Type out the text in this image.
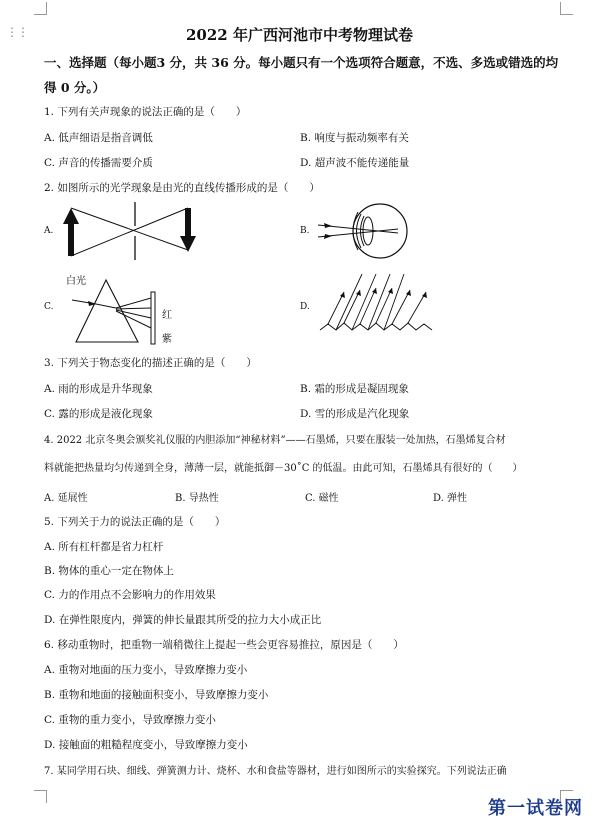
⋮⋮	2022 年广西河池市中考物理试卷
一、选择题（每小题3 分，共 36 分。每小题只有一个选项符合题意，不选、多选或错选的均
得 0 分。）
1. 下列有关声现象的说法正确的是（　　）
A. 低声细语是指音调低	B. 响度与振动频率有关
C. 声音的传播需要介质	D. 超声波不能传递能量
2. 如图所示的光学现象是由光的直线传播形成的是（　　）
A.	B.
C.	D.
白光
红
紫
3. 下列关于物态变化的描述正确的是（　　）
A. 雨的形成是升华现象	B. 霜的形成是凝固现象
C. 露的形成是液化现象	D. 雪的形成是汽化现象
4. 2022 北京冬奥会颁奖礼仪服的内胆添加“神秘材料”——石墨烯，只要在服装一处加热，石墨烯复合材
料就能把热量均匀传递到全身，薄薄一层，就能抵御－30˚C 的低温。由此可知，石墨烯具有很好的（　　）
A. 延展性	B. 导热性	C. 磁性	D. 弹性
5. 下列关于力的说法正确的是（　　）
A. 所有杠杆都是省力杠杆
B. 物体的重心一定在物体上
C. 力的作用点不会影响力的作用效果
D. 在弹性限度内，弹簧的伸长量跟其所受的拉力大小成正比
6. 移动重物时，把重物一端稍微往上提起一些会更容易推拉，原因是（　　）
A. 重物对地面的压力变小，导致摩擦力变小
B. 重物和地面的接触面积变小，导致摩擦力变小
C. 重物的重力变小，导致摩擦力变小
D. 接触面的粗糙程度变小，导致摩擦力变小
7. 某同学用石块、细线、弹簧测力计、烧杯、水和食盐等器材，进行如图所示的实验探究。下列说法正确
第一试卷网
